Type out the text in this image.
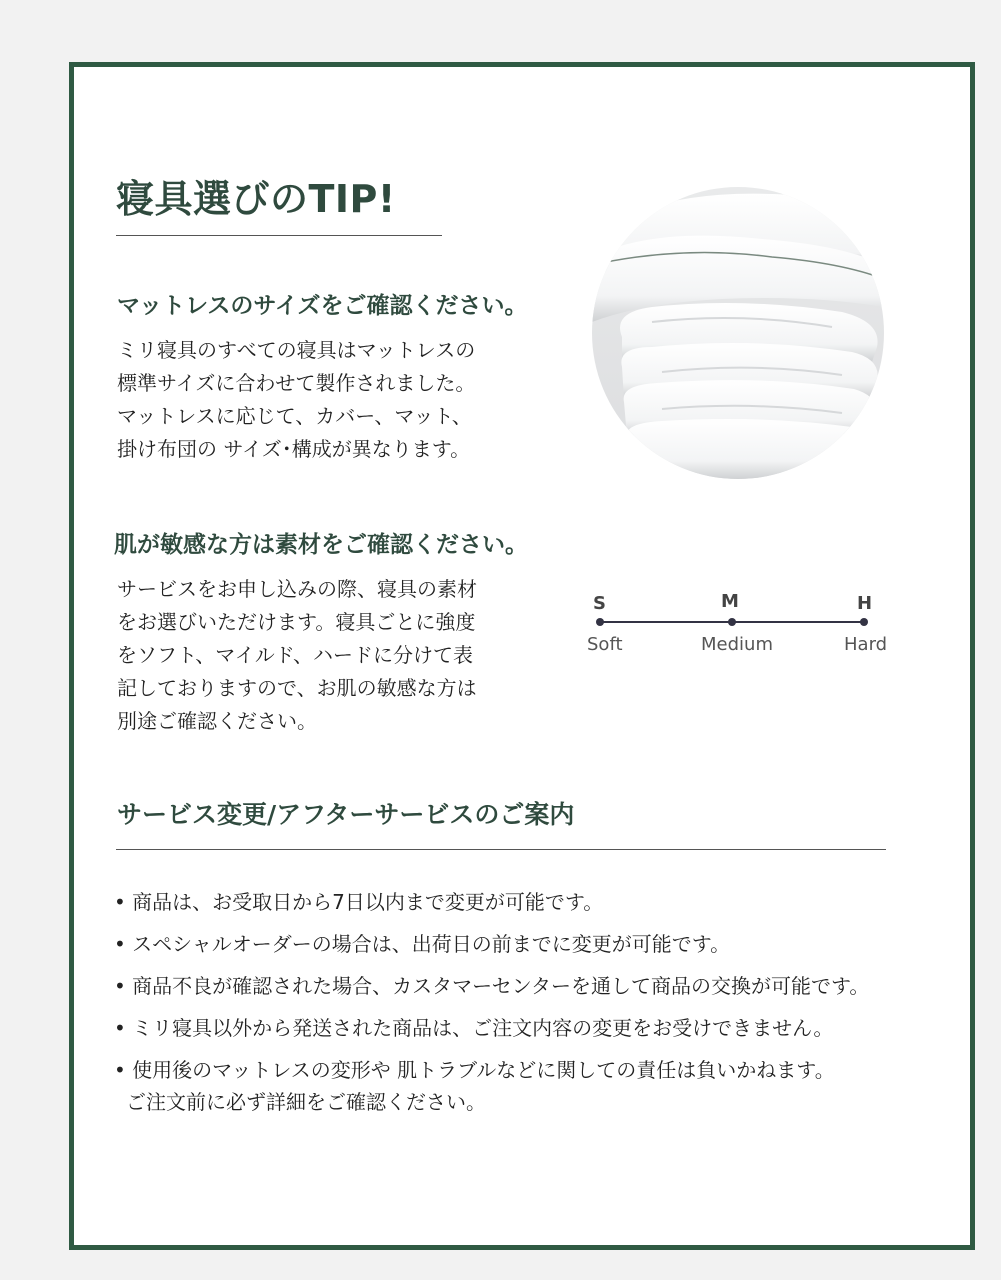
寝具選びのTIP!
マットレスのサイズをご確認ください。
ミリ寝具のすべての寝具はマットレスの
標準サイズに合わせて製作されました。
マットレスに応じて、カバー、マット、
掛け布団の サイズ･構成が異なります。
肌が敏感な方は素材をご確認ください。
サービスをお申し込みの際、寝具の素材
をお選びいただけます。寝具ごとに強度
をソフト、マイルド、ハードに分けて表
記しておりますので、お肌の敏感な方は
別途ご確認ください。
S	M	H
Soft	Medium	Hard
サービス変更/アフターサービスのご案内
• 商品は、お受取日から7日以内まで変更が可能です。
• スペシャルオーダーの場合は、出荷日の前までに変更が可能です。
• 商品不良が確認された場合、カスタマーセンターを通して商品の交換が可能です。
• ミリ寝具以外から発送された商品は、ご注文内容の変更をお受けできません。
• 使用後のマットレスの変形や 肌トラブルなどに関しての責任は負いかねます。
ご注文前に必ず詳細をご確認ください。
